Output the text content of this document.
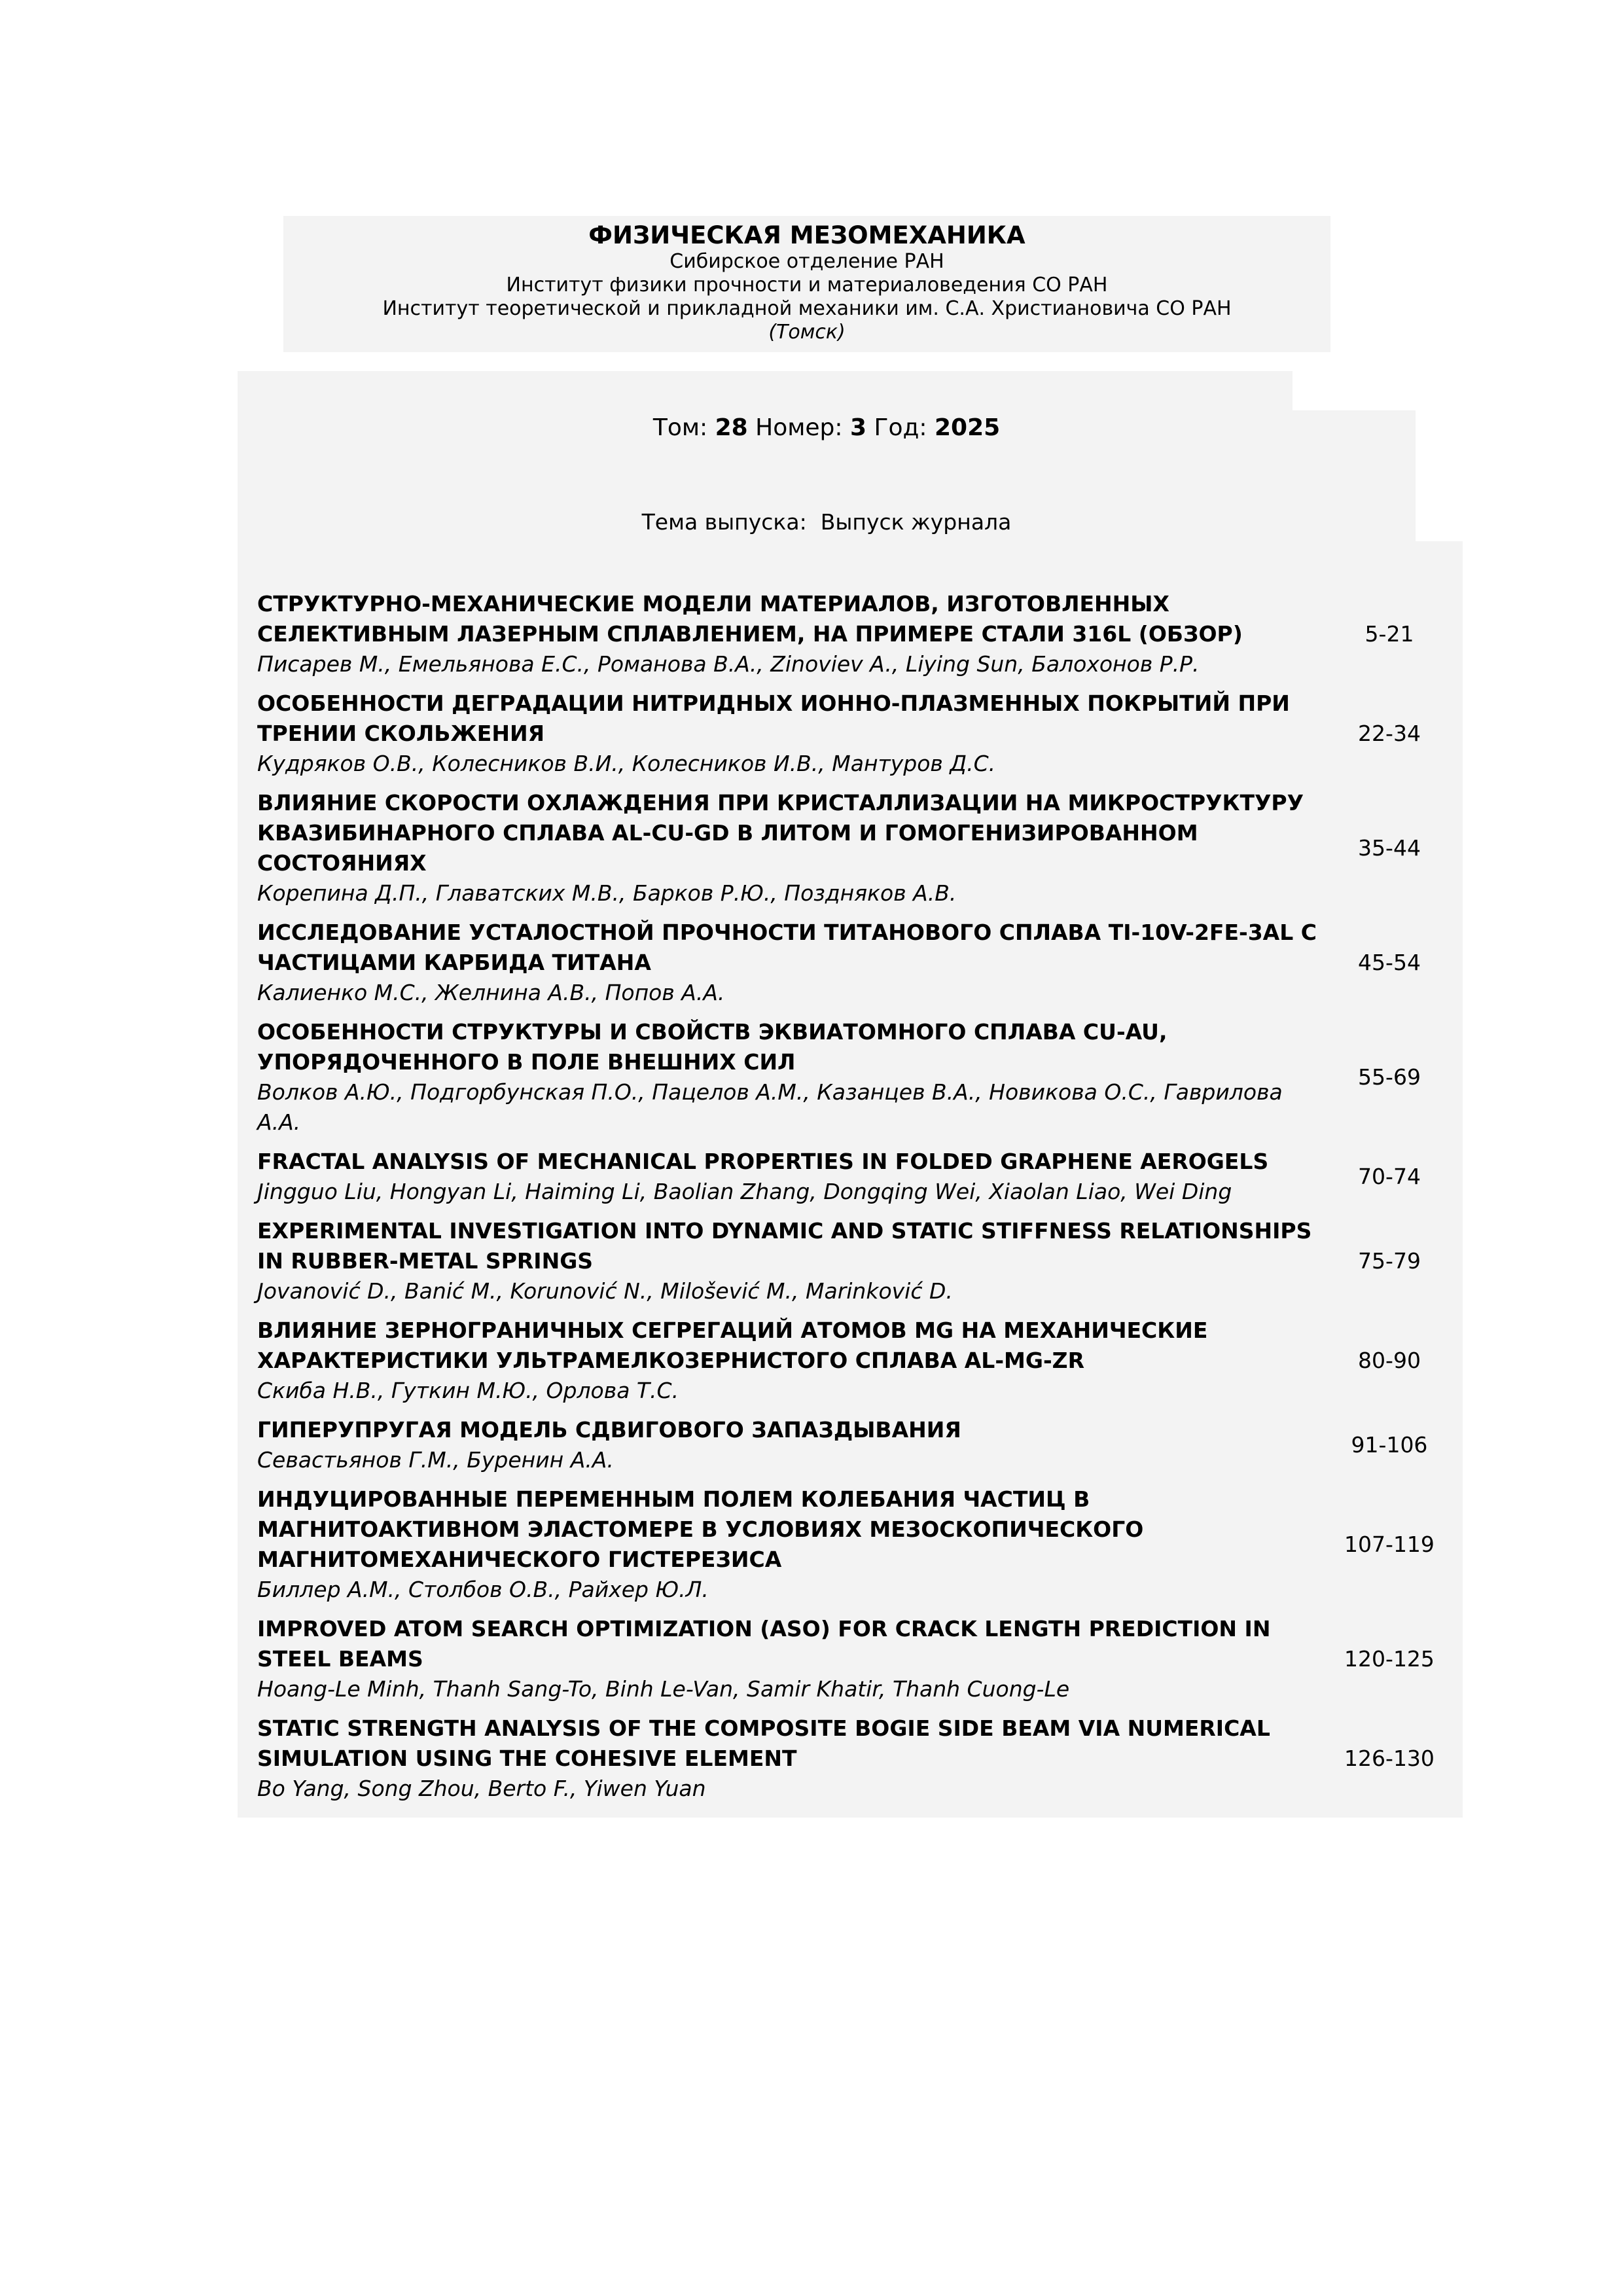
ФИЗИЧЕСКАЯ МЕЗОМЕХАНИКА
Сибирское отделение РАН
Институт физики прочности и материаловедения СО РАН
Институт теоретической и прикладной механики им. С.А. Христиановича СО РАН
(Томск)
Том: 28 Номер: 3 Год: 2025
Тема выпуска: Выпуск журнала
СТРУКТУРНО-МЕХАНИЧЕСКИЕ МОДЕЛИ МАТЕРИАЛОВ, ИЗГОТОВЛЕННЫХ СЕЛЕКТИВНЫМ ЛАЗЕРНЫМ СПЛАВЛЕНИЕМ, НА ПРИМЕРЕ СТАЛИ 316L (ОБЗОР)
Писарев М., Емельянова Е.С., Романова В.А., Zinoviev A., Liying Sun, Балохонов Р.Р.
5-21
ОСОБЕННОСТИ ДЕГРАДАЦИИ НИТРИДНЫХ ИОННО-ПЛАЗМЕННЫХ ПОКРЫТИЙ ПРИ ТРЕНИИ СКОЛЬЖЕНИЯ
Кудряков О.В., Колесников В.И., Колесников И.В., Мантуров Д.С.
22-34
ВЛИЯНИЕ СКОРОСТИ ОХЛАЖДЕНИЯ ПРИ КРИСТАЛЛИЗАЦИИ НА МИКРОСТРУКТУРУ КВАЗИБИНАРНОГО СПЛАВА AL-CU-GD В ЛИТОМ И ГОМОГЕНИЗИРОВАННОМ СОСТОЯНИЯХ
Корепина Д.П., Главатских М.В., Барков Р.Ю., Поздняков А.В.
35-44
ИССЛЕДОВАНИЕ УСТАЛОСТНОЙ ПРОЧНОСТИ ТИТАНОВОГО СПЛАВА TI-10V-2FE-3AL С ЧАСТИЦАМИ КАРБИДА ТИТАНА
Калиенко М.С., Желнина А.В., Попов А.А.
45-54
ОСОБЕННОСТИ СТРУКТУРЫ И СВОЙСТВ ЭКВИАТОМНОГО СПЛАВА CU-AU, УПОРЯДОЧЕННОГО В ПОЛЕ ВНЕШНИХ СИЛ
Волков А.Ю., Подгорбунская П.О., Пацелов А.М., Казанцев В.А., Новикова О.С., Гаврилова А.А.
55-69
FRACTAL ANALYSIS OF MECHANICAL PROPERTIES IN FOLDED GRAPHENE AEROGELS
Jingguo Liu, Hongyan Li, Haiming Li, Baolian Zhang, Dongqing Wei, Xiaolan Liao, Wei Ding
70-74
EXPERIMENTAL INVESTIGATION INTO DYNAMIC AND STATIC STIFFNESS RELATIONSHIPS IN RUBBER-METAL SPRINGS
Jovanović D., Banić M., Korunović N., Milošević M., Marinković D.
75-79
ВЛИЯНИЕ ЗЕРНОГРАНИЧНЫХ СЕГРЕГАЦИЙ АТОМОВ MG НА МЕХАНИЧЕСКИЕ ХАРАКТЕРИСТИКИ УЛЬТРАМЕЛКОЗЕРНИСТОГО СПЛАВА AL-MG-ZR
Скиба Н.В., Гуткин М.Ю., Орлова Т.С.
80-90
ГИПЕРУПРУГАЯ МОДЕЛЬ СДВИГОВОГО ЗАПАЗДЫВАНИЯ
Севастьянов Г.М., Буренин А.А.
91-106
ИНДУЦИРОВАННЫЕ ПЕРЕМЕННЫМ ПОЛЕМ КОЛЕБАНИЯ ЧАСТИЦ В МАГНИТОАКТИВНОМ ЭЛАСТОМЕРЕ В УСЛОВИЯХ МЕЗОСКОПИЧЕСКОГО МАГНИТОМЕХАНИЧЕСКОГО ГИСТЕРЕЗИСА
Биллер А.М., Столбов О.В., Райхер Ю.Л.
107-119
IMPROVED ATOM SEARCH OPTIMIZATION (ASO) FOR CRACK LENGTH PREDICTION IN STEEL BEAMS
Hoang-Le Minh, Thanh Sang-To, Binh Le-Van, Samir Khatir, Thanh Cuong-Le
120-125
STATIC STRENGTH ANALYSIS OF THE COMPOSITE BOGIE SIDE BEAM VIA NUMERICAL SIMULATION USING THE COHESIVE ELEMENT
Bo Yang, Song Zhou, Berto F., Yiwen Yuan
126-130
